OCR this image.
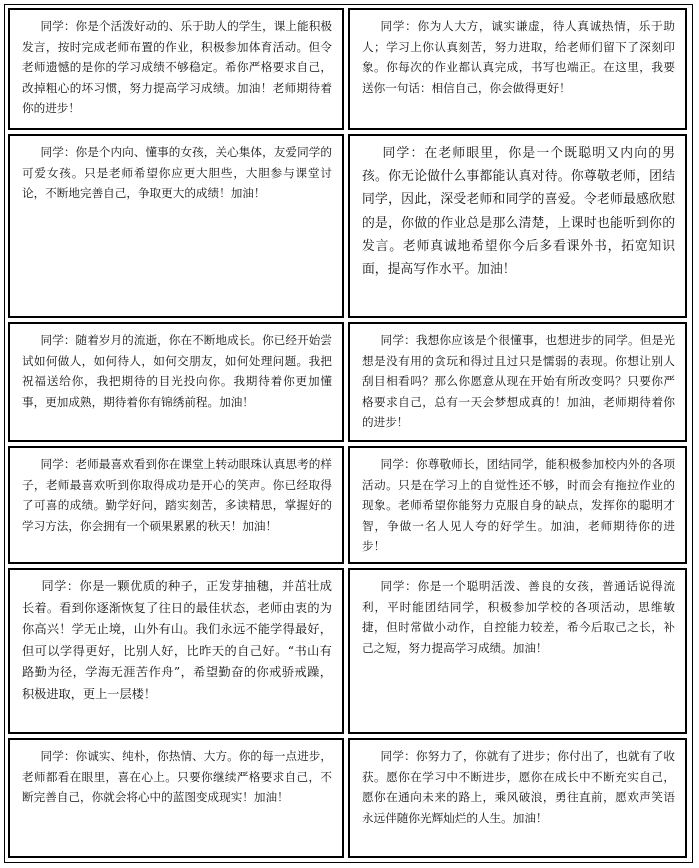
同学：你是个活泼好动的、乐于助人的学生，课上能积极发言，按时完成老师布置的作业，积极参加体育活动。但令老师遗憾的是你的学习成绩不够稳定。希你严格要求自己，改掉粗心的坏习惯，努力提高学习成绩。加油！老师期待着你的进步！

同学：你为人大方，诚实谦虚，待人真诚热情，乐于助人；学习上你认真刻苦，努力进取，给老师们留下了深刻印象。你每次的作业都认真完成，书写也端正。在这里，我要送你一句话：相信自己，你会做得更好！

同学：你是个内向、懂事的女孩，关心集体，友爱同学的可爱女孩。只是老师希望你应更大胆些，大胆参与课堂讨论，不断地完善自己，争取更大的成绩！加油！

同学：在老师眼里，你是一个既聪明又内向的男孩。你无论做什么事都能认真对待。你尊敬老师，团结同学，因此，深受老师和同学的喜爱。令老师最感欣慰的是，你做的作业总是那么清楚，上课时也能听到你的发言。老师真诚地希望你今后多看课外书，拓宽知识面，提高写作水平。加油！

同学：随着岁月的流逝，你在不断地成长。你已经开始尝试如何做人，如何待人，如何交朋友，如何处理问题。我把祝福送给你，我把期待的目光投向你。我期待着你更加懂事，更加成熟，期待着你有锦绣前程。加油！

同学：我想你应该是个很懂事，也想进步的同学。但是光想是没有用的贪玩和得过且过只是懦弱的表现。你想让别人刮目相看吗？那么你愿意从现在开始有所改变吗？只要你严格要求自己，总有一天会梦想成真的！加油，老师期待着你的进步！

同学：老师最喜欢看到你在课堂上转动眼珠认真思考的样子，老师最喜欢听到你取得成功是开心的笑声。你已经取得了可喜的成绩。勤学好问，踏实刻苦，多读精思，掌握好的学习方法，你会拥有一个硕果累累的秋天！加油！

同学：你尊敬师长，团结同学，能积极参加校内外的各项活动。只是在学习上的自觉性还不够，时而会有拖拉作业的现象。老师希望你能努力克服自身的缺点，发挥你的聪明才智，争做一名人见人夸的好学生。加油，老师期待你的进步！

同学：你是一颗优质的种子，正发芽抽穗，并茁壮成长着。看到你逐渐恢复了往日的最佳状态，老师由衷的为你高兴！学无止境，山外有山。我们永远不能学得最好，但可以学得更好，比别人好，比昨天的自己好。“书山有路勤为径，学海无涯苦作舟”，希望勤奋的你戒骄戒躁，积极进取，更上一层楼！

同学：你是一个聪明活泼、善良的女孩，普通话说得流利，平时能团结同学，积极参加学校的各项活动，思维敏捷，但时常做小动作，自控能力较差，希今后取己之长，补己之短，努力提高学习成绩。加油！

同学：你诚实、纯朴，你热情、大方。你的每一点进步，老师都看在眼里，喜在心上。只要你继续严格要求自己，不断完善自己，你就会将心中的蓝图变成现实！加油！

同学：你努力了，你就有了进步；你付出了，也就有了收获。愿你在学习中不断进步，愿你在成长中不断充实自己，愿你在通向未来的路上，乘风破浪，勇往直前，愿欢声笑语永远伴随你光辉灿烂的人生。加油！
